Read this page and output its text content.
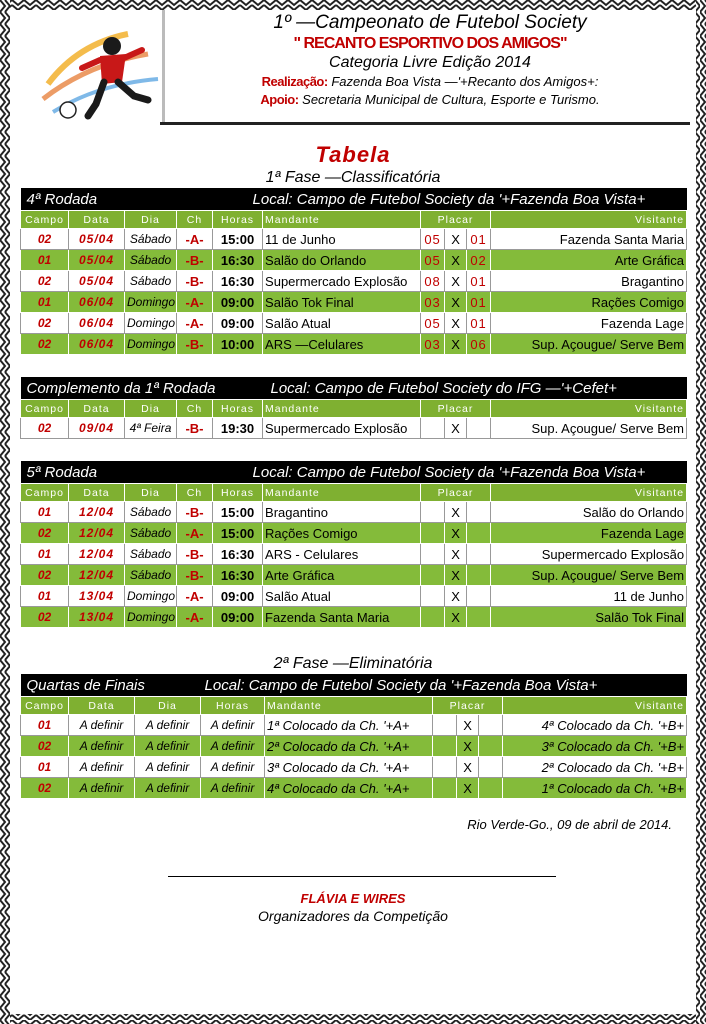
1º —Campeonato de Futebol Society
" RECANTO ESPORTIVO DOS AMIGOS"
Categoria Livre Edição 2014
Realização: Fazenda Boa Vista —'+Recanto dos Amigos+:
Apoio: Secretaria Municipal de Cultura, Esporte e Turismo.
Tabela
1ª Fase —Classificatória
4ª Rodada				Local: Campo de Futebol Society da '+Fazenda Boa Vista+					
Campo	Data	Dia	Ch	Horas	Mandante	Placar			Visitante
02	05/04	Sábado	-A-	15:00	11 de Junho	05	X	01	Fazenda Santa Maria
01	05/04	Sábado	-B-	16:30	Salão do Orlando	05	X	02	Arte Gráfica
02	05/04	Sábado	-B-	16:30	Supermercado Explosão	08	X	01	Bragantino
01	06/04	Domingo	-A-	09:00	Salão Tok Final	03	X	01	Rações Comigo
02	06/04	Domingo	-A-	09:00	Salão Atual	05	X	01	Fazenda Lage
02	06/04	Domingo	-B-	10:00	ARS —Celulares	03	X	06	Sup. Açougue/ Serve Bem
Complemento da 1ª Rodada					Local: Campo de Futebol Society do IFG —'+Cefet+				
Campo	Data	Dia	Ch	Horas	Mandante	Placar			Visitante
02	09/04	4ª Feira	-B-	19:30	Supermercado Explosão		X		Sup. Açougue/ Serve Bem
5ª Rodada				Local: Campo de Futebol Society da '+Fazenda Boa Vista+					
Campo	Data	Dia	Ch	Horas	Mandante	Placar			Visitante
01	12/04	Sábado	-B-	15:00	Bragantino		X		Salão do Orlando
02	12/04	Sábado	-A-	15:00	Rações Comigo		X		Fazenda Lage
01	12/04	Sábado	-B-	16:30	ARS - Celulares		X		Supermercado Explosão
02	12/04	Sábado	-B-	16:30	Arte Gráfica		X		Sup. Açougue/ Serve Bem
01	13/04	Domingo	-A-	09:00	Salão Atual		X		11 de Junho
02	13/04	Domingo	-A-	09:00	Fazenda Santa Maria		X		Salão Tok Final
2ª Fase —Eliminatória
Quartas de Finais			Local: Campo de Futebol Society da '+Fazenda Boa Vista+					
Campo	Data	Dia	Horas	Mandante	Placar			Visitante
01	A definir	A definir	A definir	1ª Colocado da Ch. '+A+		X		4ª Colocado da Ch. '+B+
02	A definir	A definir	A definir	2ª Colocado da Ch. '+A+		X		3ª Colocado da Ch. '+B+
01	A definir	A definir	A definir	3ª Colocado da Ch. '+A+		X		2ª Colocado da Ch. '+B+
02	A definir	A definir	A definir	4ª Colocado da Ch. '+A+		X		1ª Colocado da Ch. '+B+
Rio Verde-Go., 09 de abril de 2014.
FLÁVIA E WIRES
Organizadores da Competição
